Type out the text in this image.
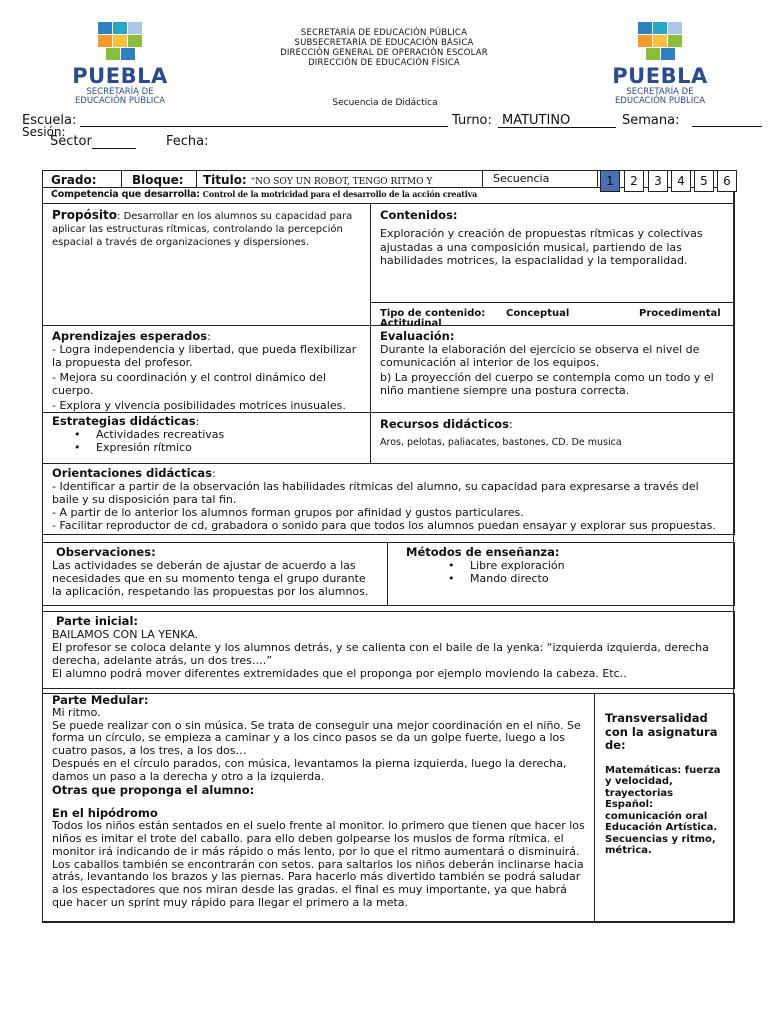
PUEBLA
SECRETARÍA DE
EDUCACIÓN PÚBLICA
PUEBLA
SECRETARÍA DE
EDUCACIÓN PÚBLICA
SECRETARÍA DE EDUCACIÓN PÚBLICA
SUBSECRETARÍA DE EDUCACIÓN BÁSICA
DIRECCIÓN GENERAL DE OPERACIÓN ESCOLAR
DIRECCIÓN DE EDUCACIÓN FÍSICA
Secuencia de Didáctica
Escuela:	Turno: MATUTINO	Semana:
Sesión:
Sector	Fecha:
Grado:	Bloque:	Titulo: “NO SOY UN ROBOT, TENGO RITMO Y	Secuencia
Competencia que desarrolla: Control de la motricidad para el desarrollo de la acción creativa
Propósito: Desarrollar en los alumnos su capacidad para aplicar las estructuras rítmicas, controlando la percepción espacial a través de organizaciones y dispersiones.
Contenidos:
Exploración y creación de propuestas rítmicas y colectivas ajustadas a una composición musical, partiendo de las habilidades motrices, la espacialidad y la temporalidad.
Tipo de contenido: Conceptual	Procedimental
Actitudinal
Aprendizajes esperados:
- Logra independencia y libertad, que pueda flexibilizar la propuesta del profesor.
- Mejora su coordinación y el control dinámico del cuerpo.
- Explora y vivencia posibilidades motrices inusuales.
Evaluación:
Durante la elaboración del ejercicio se observa el nivel de comunicación al interior de los equipos.
b) La proyección del cuerpo se contempla como un todo y el niño mantiene siempre una postura correcta.
Estrategias didácticas:
• Actividades recreativas
• Expresión rítmico
Recursos didácticos:
Aros, pelotas, paliacates, bastones, CD. De musica
Orientaciones didácticas:
- Identificar a partir de la observación las habilidades rítmicas del alumno, su capacidad para expresarse a través del baile y su disposición para tal fin.
- A partir de lo anterior los alumnos forman grupos por afinidad y gustos particulares.
- Facilitar reproductor de cd, grabadora o sonido para que todos los alumnos puedan ensayar y explorar sus propuestas.
Observaciones:
Las actividades se deberán de ajustar de acuerdo a las necesidades que en su momento tenga el grupo durante la aplicación, respetando las propuestas por los alumnos.
Métodos de enseñanza:
• Libre exploración
• Mando directo
Parte inicial:
BAILAMOS CON LA YENKA.
El profesor se coloca delante y los alumnos detrás, y se calienta con el baile de la yenka: “izquierda izquierda, derecha derecha, adelante atrás, un dos tres….”
El alumno podrá mover diferentes extremidades que el proponga por ejemplo moviendo la cabeza. Etc..
Parte Medular:
Mi ritmo.
Se puede realizar con o sin música. Se trata de conseguir una mejor coordinación en el niño. Se forma un círculo, se empieza a caminar y a los cinco pasos se da un golpe fuerte, luego a los cuatro pasos, a los tres, a los dos…
Después en el círculo parados, con música, levantamos la pierna izquierda, luego la derecha, damos un paso a la derecha y otro a la izquierda.
Otras que proponga el alumno:
En el hipódromo
Todos los niños están sentados en el suelo frente al monitor. lo primero que tienen que hacer los niños es imitar el trote del caballo. para ello deben golpearse los muslos de forma rítmica. el monitor irá indicando de ir más rápido o más lento, por lo que el ritmo aumentará o disminuirá. Los caballos también se encontrarán con setos. para saltarlos los niños deberán inclinarse hacia atrás, levantando los brazos y las piernas. Para hacerlo más divertido también se podrá saludar a los espectadores que nos miran desde las gradas. el final es muy importante, ya que habrá que hacer un sprint muy rápido para llegar el primero a la meta.
Transversalidad con la asignatura de:
Matemáticas: fuerza y velocidad, trayectorias Español: comunicación oral Educación Artística. Secuencias y ritmo, métrica.
1	2	3	4	5	6
